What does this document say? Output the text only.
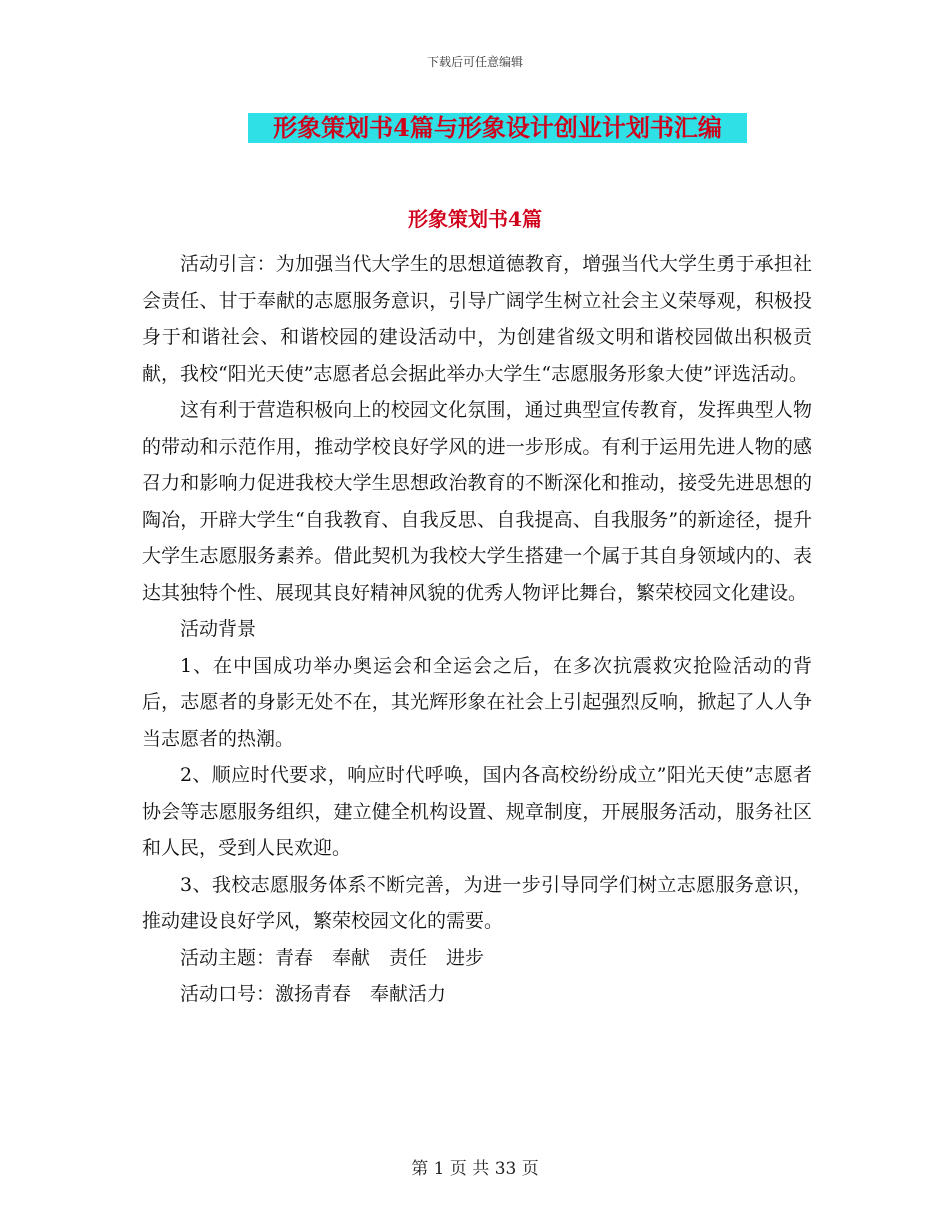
下载后可任意编辑
形象策划书4篇与形象设计创业计划书汇编
形象策划书4篇

活动引言：为加强当代大学生的思想道德教育，增强当代大学生勇于承担社会责任、甘于奉献的志愿服务意识，引导广阔学生树立社会主义荣辱观，积极投身于和谐社会、和谐校园的建设活动中，为创建省级文明和谐校园做出积极贡献，我校“阳光天使”志愿者总会据此举办大学生“志愿服务形象大使”评选活动。

这有利于营造积极向上的校园文化氛围，通过典型宣传教育，发挥典型人物的带动和示范作用，推动学校良好学风的进一步形成。有利于运用先进人物的感召力和影响力促进我校大学生思想政治教育的不断深化和推动，接受先进思想的陶冶，开辟大学生“自我教育、自我反思、自我提高、自我服务”的新途径，提升大学生志愿服务素养。借此契机为我校大学生搭建一个属于其自身领域内的、表达其独特个性、展现其良好精神风貌的优秀人物评比舞台，繁荣校园文化建设。

活动背景

1、在中国成功举办奥运会和全运会之后，在多次抗震救灾抢险活动的背后，志愿者的身影无处不在，其光辉形象在社会上引起强烈反响，掀起了人人争当志愿者的热潮。

2、顺应时代要求，响应时代呼唤，国内各高校纷纷成立”阳光天使”志愿者协会等志愿服务组织，建立健全机构设置、规章制度，开展服务活动，服务社区和人民，受到人民欢迎。

3、我校志愿服务体系不断完善，为进一步引导同学们树立志愿服务意识，推动建设良好学风，繁荣校园文化的需要。

活动主题：青春　奉献　责任　进步

活动口号：激扬青春　奉献活力

第 1 页 共 33 页
